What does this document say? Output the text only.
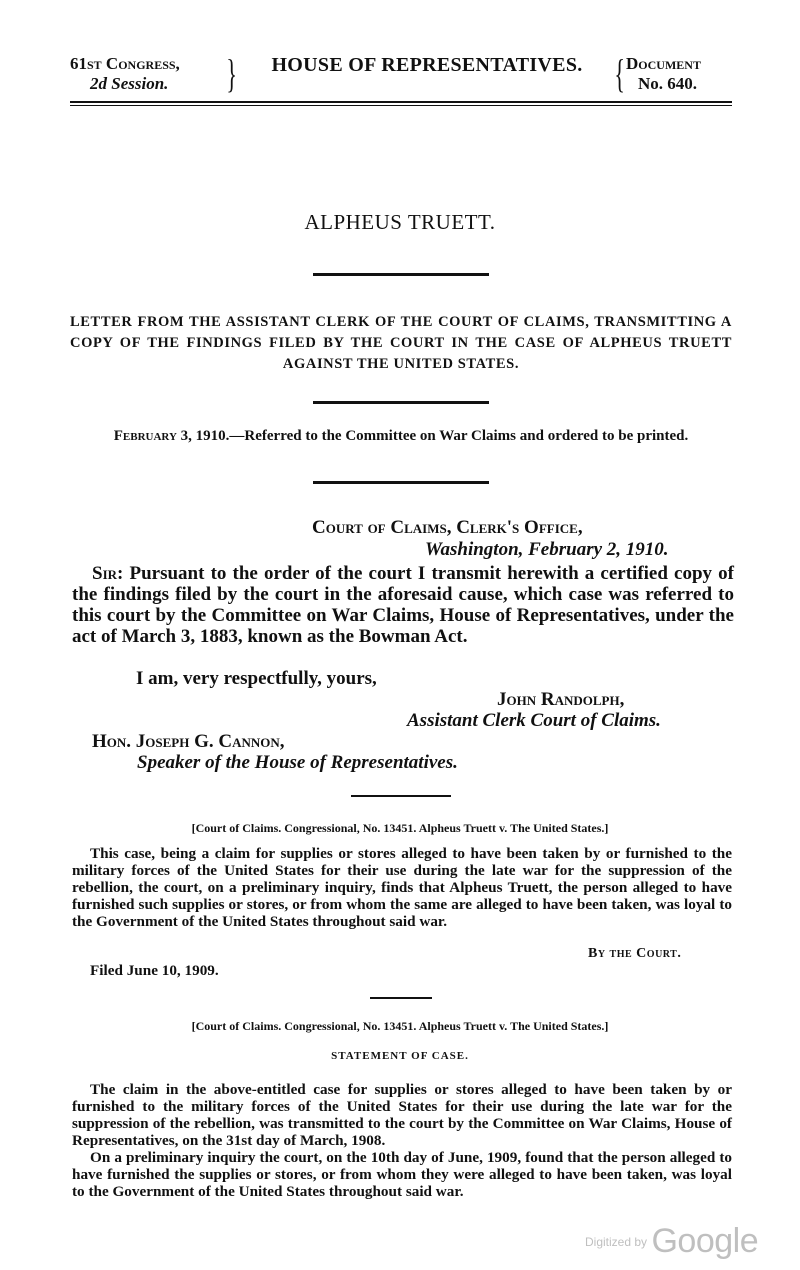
61st Congress,
2d Session.	}	HOUSE OF REPRESENTATIVES. { Document
No. 640.
ALPHEUS TRUETT.
LETTER FROM THE ASSISTANT CLERK OF THE COURT OF CLAIMS, TRANSMITTING A COPY OF THE FINDINGS FILED BY THE COURT IN THE CASE OF ALPHEUS TRUETT AGAINST THE UNITED STATES.
February 3, 1910.—Referred to the Committee on War Claims and ordered to be printed.
Court of Claims, Clerk's Office,
Washington, February 2, 1910.
Sir: Pursuant to the order of the court I transmit herewith a certified copy of the findings filed by the court in the aforesaid cause, which case was referred to this court by the Committee on War Claims, House of Representatives, under the act of March 3, 1883, known as the Bowman Act.
I am, very respectfully, yours,
John Randolph,
Assistant Clerk Court of Claims.
Hon. Joseph G. Cannon,
Speaker of the House of Representatives.
[Court of Claims. Congressional, No. 13451. Alpheus Truett v. The United States.]
This case, being a claim for supplies or stores alleged to have been taken by or furnished to the military forces of the United States for their use during the late war for the suppression of the rebellion, the court, on a preliminary inquiry, finds that Alpheus Truett, the person alleged to have furnished such supplies or stores, or from whom the same are alleged to have been taken, was loyal to the Government of the United States throughout said war.
By the Court.
Filed June 10, 1909.
[Court of Claims. Congressional, No. 13451. Alpheus Truett v. The United States.]
STATEMENT OF CASE.
The claim in the above-entitled case for supplies or stores alleged to have been taken by or furnished to the military forces of the United States for their use during the late war for the suppression of the rebellion, was transmitted to the court by the Committee on War Claims, House of Representatives, on the 31st day of March, 1908.
On a preliminary inquiry the court, on the 10th day of June, 1909, found that the person alleged to have furnished the supplies or stores, or from whom they were alleged to have been taken, was loyal to the Government of the United States throughout said war.
$^{Digitized by}$ Google
